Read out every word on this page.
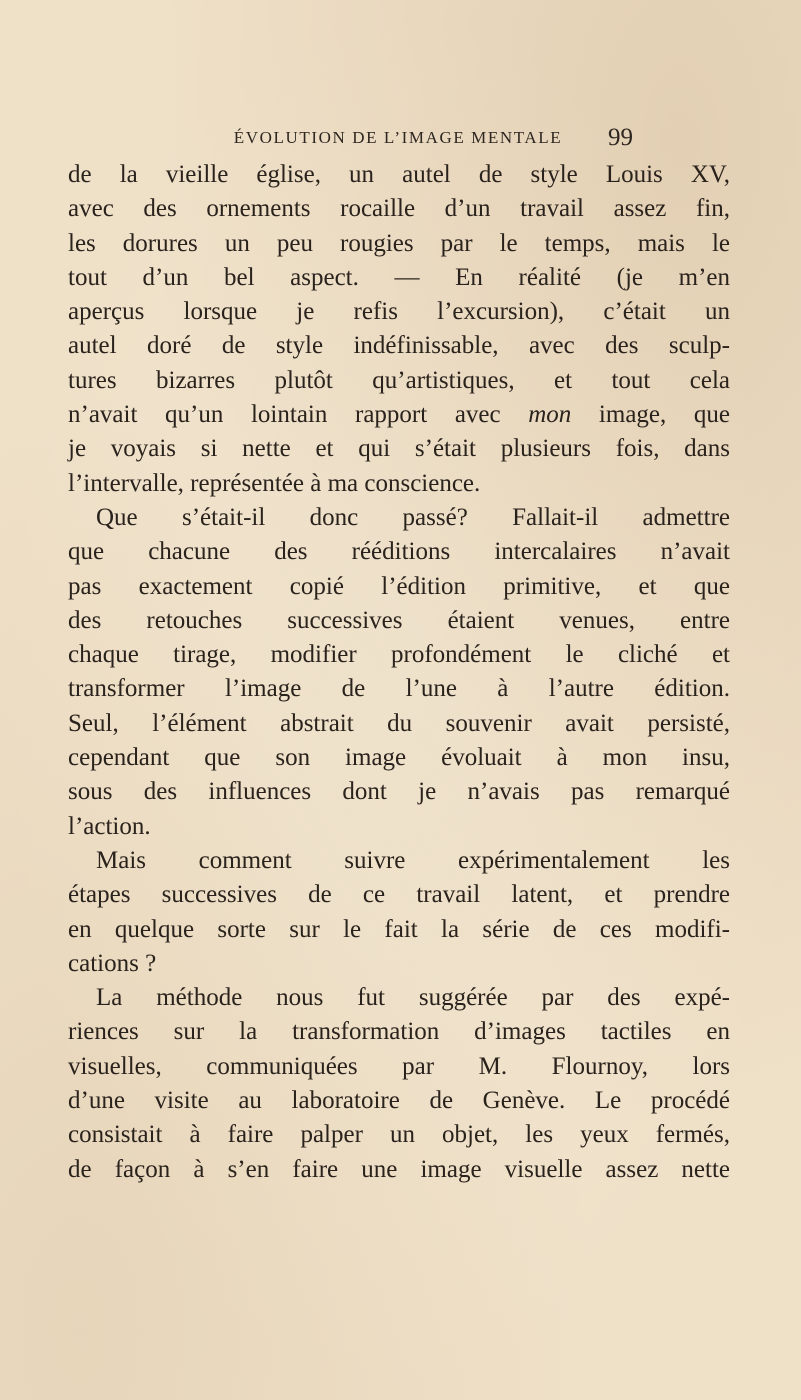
ÉVOLUTION DE L’IMAGE MENTALE	99
de la vieille église, un autel de style Louis XV,
avec des ornements rocaille d’un travail assez fin,
les dorures un peu rougies par le temps, mais le
tout d’un bel aspect. — En réalité (je m’en
aperçus lorsque je refis l’excursion), c’était un
autel doré de style indéfinissable, avec des sculp-
tures bizarres plutôt qu’artistiques, et tout cela
n’avait qu’un lointain rapport avec mon image, que
je voyais si nette et qui s’était plusieurs fois, dans
l’intervalle, représentée à ma conscience.
Que s’était-il donc passé? Fallait-il admettre
que chacune des rééditions intercalaires n’avait
pas exactement copié l’édition primitive, et que
des retouches successives étaient venues, entre
chaque tirage, modifier profondément le cliché et
transformer l’image de l’une à l’autre édition.
Seul, l’élément abstrait du souvenir avait persisté,
cependant que son image évoluait à mon insu,
sous des influences dont je n’avais pas remarqué
l’action.
Mais comment suivre expérimentalement les
étapes successives de ce travail latent, et prendre
en quelque sorte sur le fait la série de ces modifi-
cations ?
La méthode nous fut suggérée par des expé-
riences sur la transformation d’images tactiles en
visuelles, communiquées par M. Flournoy, lors
d’une visite au laboratoire de Genève. Le procédé
consistait à faire palper un objet, les yeux fermés,
de façon à s’en faire une image visuelle assez nette
